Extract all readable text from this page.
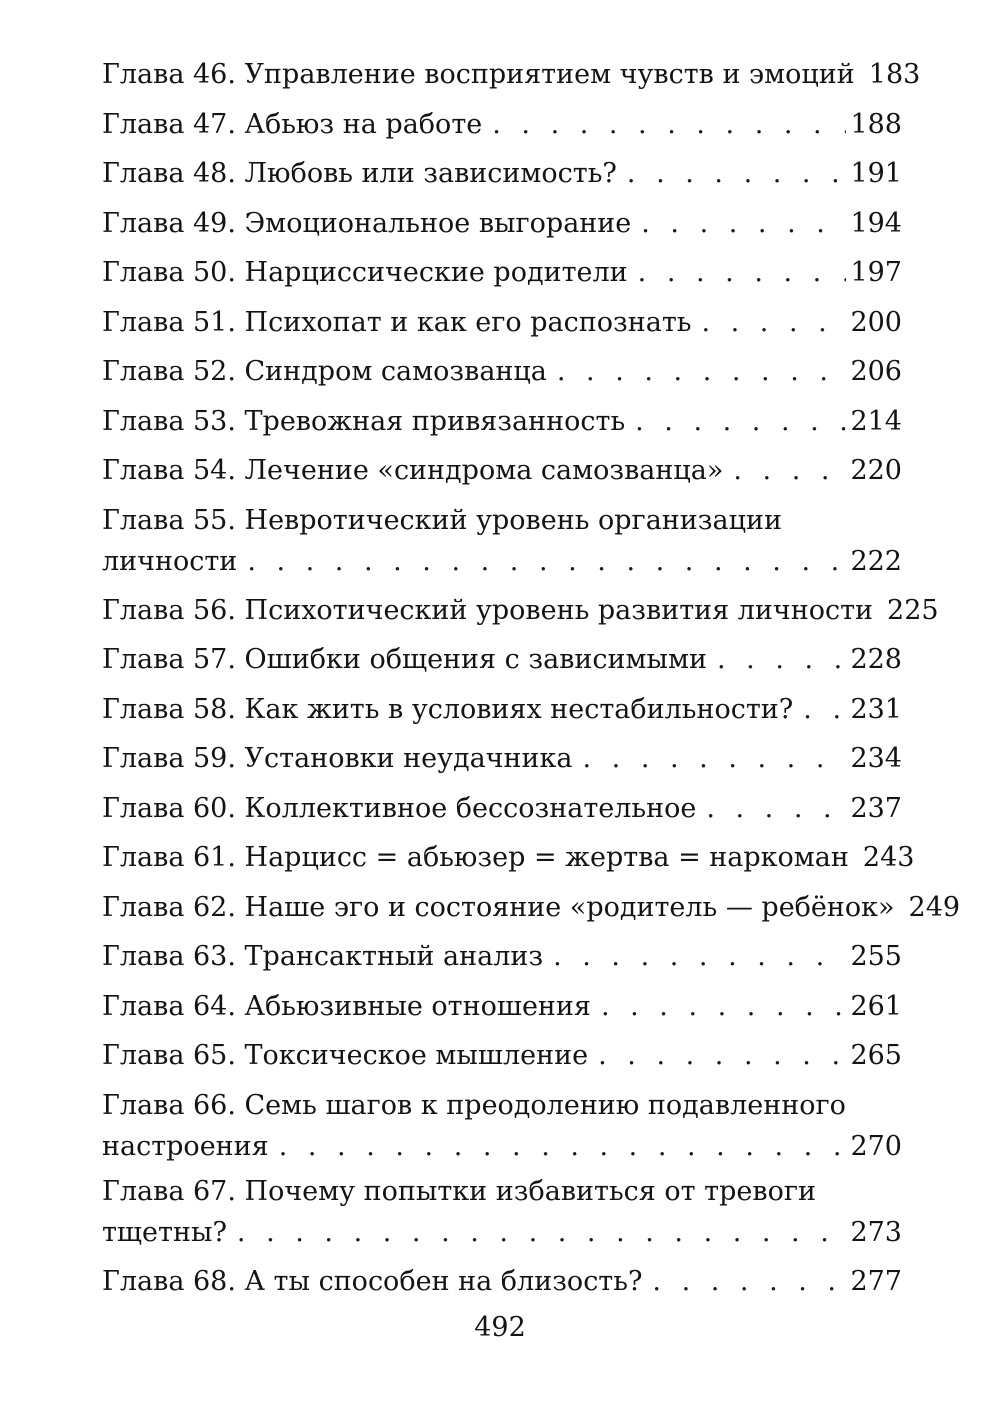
Глава 46. Управление восприятием чувств и эмоций 183
Глава 47. Абьюз на работе . . .	188
Глава 48. Любовь или зависимость? . . .	191
Глава 49. Эмоциональное выгорание . . .	194
Глава 50. Нарциссические родители . . .	197
Глава 51. Психопат и как его распознать . . .	200
Глава 52. Синдром самозванца . . .	206
Глава 53. Тревожная привязанность . . .	214
Глава 54. Лечение «синдрома самозванца» . . .	220
Глава 55. Невротический уровень организации
личности . . .	222
Глава 56. Психотический уровень развития личности 225
Глава 57. Ошибки общения с зависимыми . . .	228
Глава 58. Как жить в условиях нестабильности? . . . 231
Глава 59. Установки неудачника . . .	234
Глава 60. Коллективное бессознательное . . .	237
Глава 61. Нарцисс = абьюзер = жертва = наркоман 243
Глава 62. Наше эго и состояние «родитель — ребёнок» 249
Глава 63. Трансактный анализ . . .	255
Глава 64. Абьюзивные отношения . . .	261
Глава 65. Токсическое мышление . . .	265
Глава 66. Семь шагов к преодолению подавленного
настроения . . .	270
Глава 67. Почему попытки избавиться от тревоги
тщетны? . . .	273
Глава 68. А ты способен на близость? . . .	277
492
